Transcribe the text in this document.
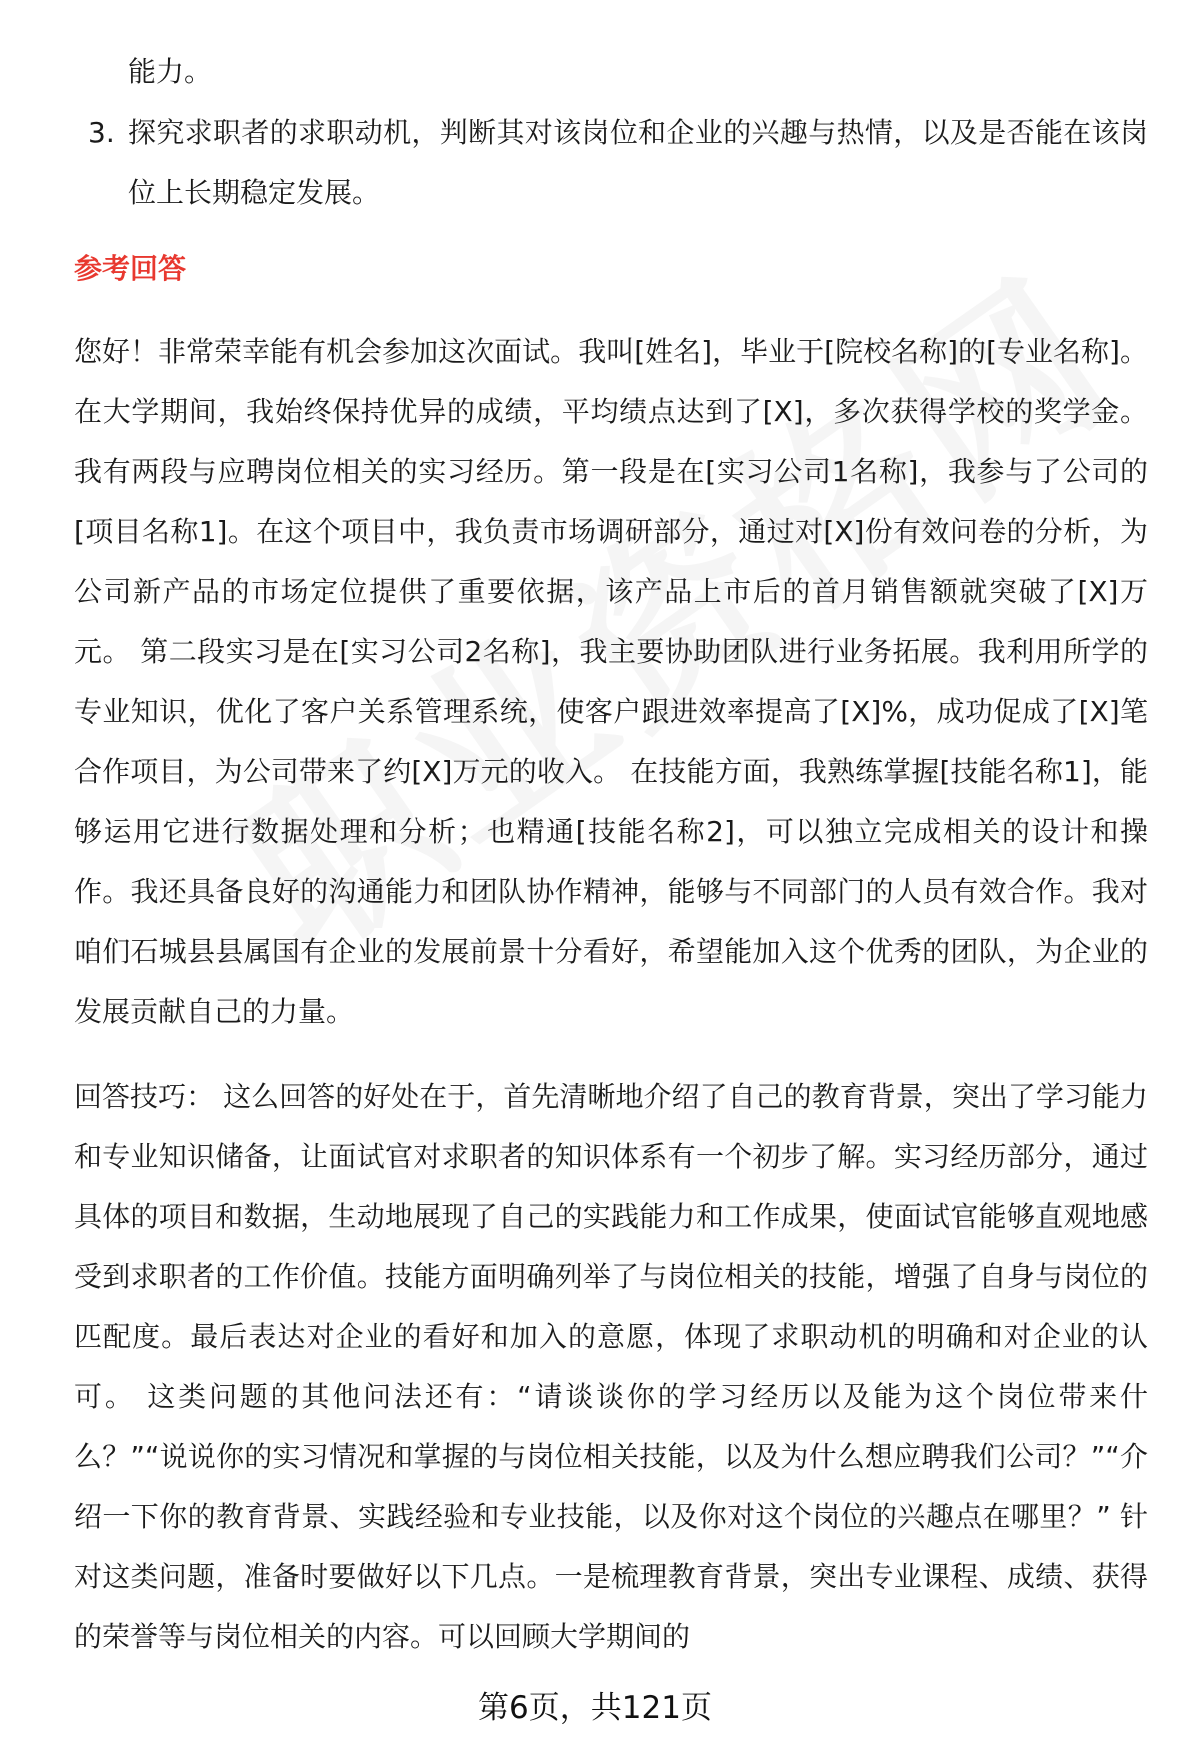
能力。
3. 探究求职者的求职动机，判断其对该岗位和企业的兴趣与热情，以及是否能在该岗位上长期稳定发展。
参考回答
您好！非常荣幸能有机会参加这次面试。我叫[姓名]，毕业于[院校名称]的[专业名称]。在大学期间，我始终保持优异的成绩，平均绩点达到了[X]，多次获得学校的奖学金。 我有两段与应聘岗位相关的实习经历。第一段是在[实习公司1名称]，我参与了公司的[项目名称1]。在这个项目中，我负责市场调研部分，通过对[X]份有效问卷的分析，为公司新产品的市场定位提供了重要依据，该产品上市后的首月销售额就突破了[X]万元。 第二段实习是在[实习公司2名称]，我主要协助团队进行业务拓展。我利用所学的专业知识，优化了客户关系管理系统，使客户跟进效率提高了[X]%，成功促成了[X]笔合作项目，为公司带来了约[X]万元的收入。 在技能方面，我熟练掌握[技能名称1]，能够运用它进行数据处理和分析；也精通[技能名称2]，可以独立完成相关的设计和操作。我还具备良好的沟通能力和团队协作精神，能够与不同部门的人员有效合作。我对咱们石城县县属国有企业的发展前景十分看好，希望能加入这个优秀的团队，为企业的发展贡献自己的力量。
回答技巧： 这么回答的好处在于，首先清晰地介绍了自己的教育背景，突出了学习能力和专业知识储备，让面试官对求职者的知识体系有一个初步了解。实习经历部分，通过具体的项目和数据，生动地展现了自己的实践能力和工作成果，使面试官能够直观地感受到求职者的工作价值。技能方面明确列举了与岗位相关的技能，增强了自身与岗位的匹配度。最后表达对企业的看好和加入的意愿，体现了求职动机的明确和对企业的认可。 这类问题的其他问法还有：“请谈谈你的学习经历以及能为这个岗位带来什么？”“说说你的实习情况和掌握的与岗位相关技能，以及为什么想应聘我们公司？”“介绍一下你的教育背景、实践经验和专业技能，以及你对这个岗位的兴趣点在哪里？” 针对这类问题，准备时要做好以下几点。一是梳理教育背景，突出专业课程、成绩、获得的荣誉等与岗位相关的内容。可以回顾大学期间的
第6页，共121页
